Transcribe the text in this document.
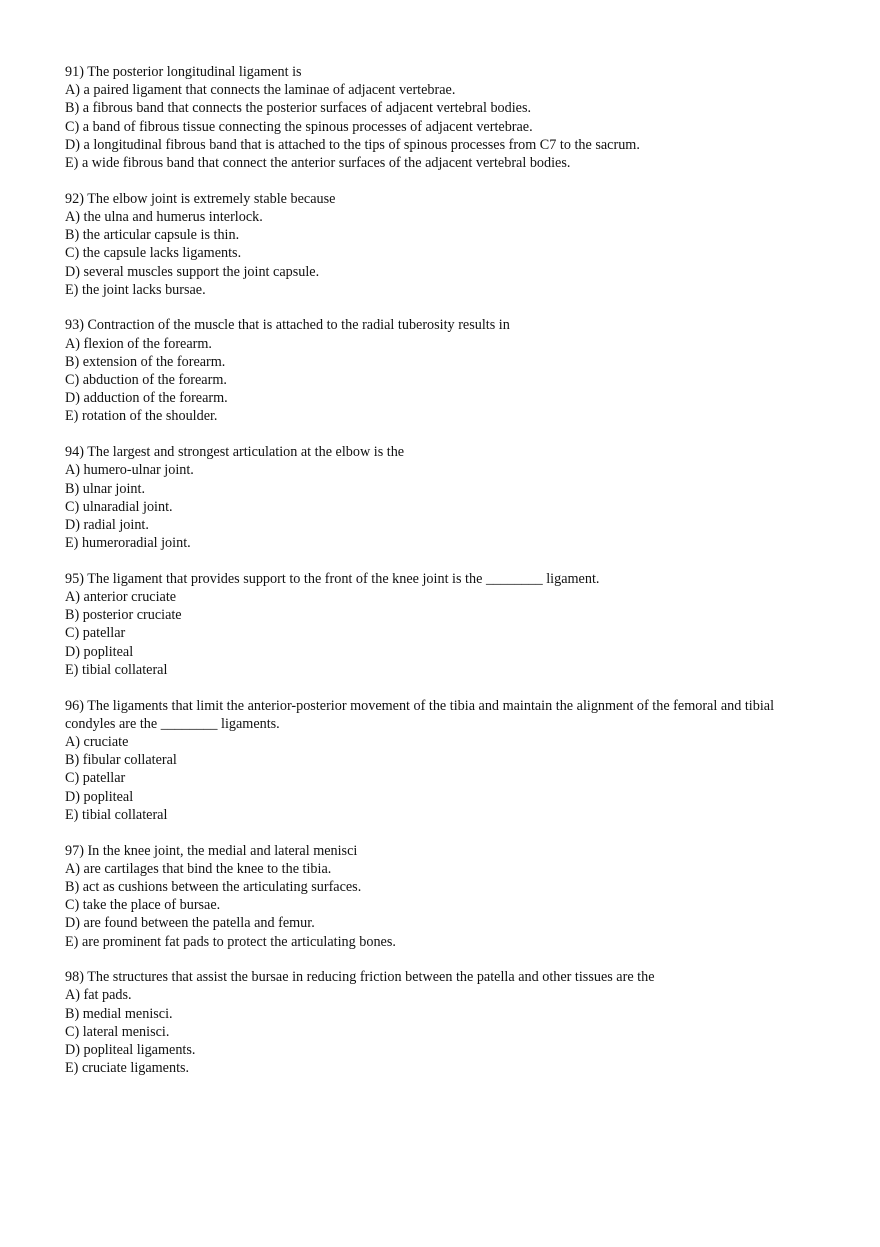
91) The posterior longitudinal ligament is
A) a paired ligament that connects the laminae of adjacent vertebrae.
B) a fibrous band that connects the posterior surfaces of adjacent vertebral bodies.
C) a band of fibrous tissue connecting the spinous processes of adjacent vertebrae.
D) a longitudinal fibrous band that is attached to the tips of spinous processes from C7 to the sacrum.
E) a wide fibrous band that connect the anterior surfaces of the adjacent vertebral bodies.
92) The elbow joint is extremely stable because
A) the ulna and humerus interlock.
B) the articular capsule is thin.
C) the capsule lacks ligaments.
D) several muscles support the joint capsule.
E) the joint lacks bursae.
93) Contraction of the muscle that is attached to the radial tuberosity results in
A) flexion of the forearm.
B) extension of the forearm.
C) abduction of the forearm.
D) adduction of the forearm.
E) rotation of the shoulder.
94) The largest and strongest articulation at the elbow is the
A) humero-ulnar joint.
B) ulnar joint.
C) ulnaradial joint.
D) radial joint.
E) humeroradial joint.
95) The ligament that provides support to the front of the knee joint is the ________ ligament.
A) anterior cruciate
B) posterior cruciate
C) patellar
D) popliteal
E) tibial collateral
96) The ligaments that limit the anterior-posterior movement of the tibia and maintain the alignment of the femoral and tibial condyles are the ________ ligaments.
A) cruciate
B) fibular collateral
C) patellar
D) popliteal
E) tibial collateral
97) In the knee joint, the medial and lateral menisci
A) are cartilages that bind the knee to the tibia.
B) act as cushions between the articulating surfaces.
C) take the place of bursae.
D) are found between the patella and femur.
E) are prominent fat pads to protect the articulating bones.
98) The structures that assist the bursae in reducing friction between the patella and other tissues are the
A) fat pads.
B) medial menisci.
C) lateral menisci.
D) popliteal ligaments.
E) cruciate ligaments.
